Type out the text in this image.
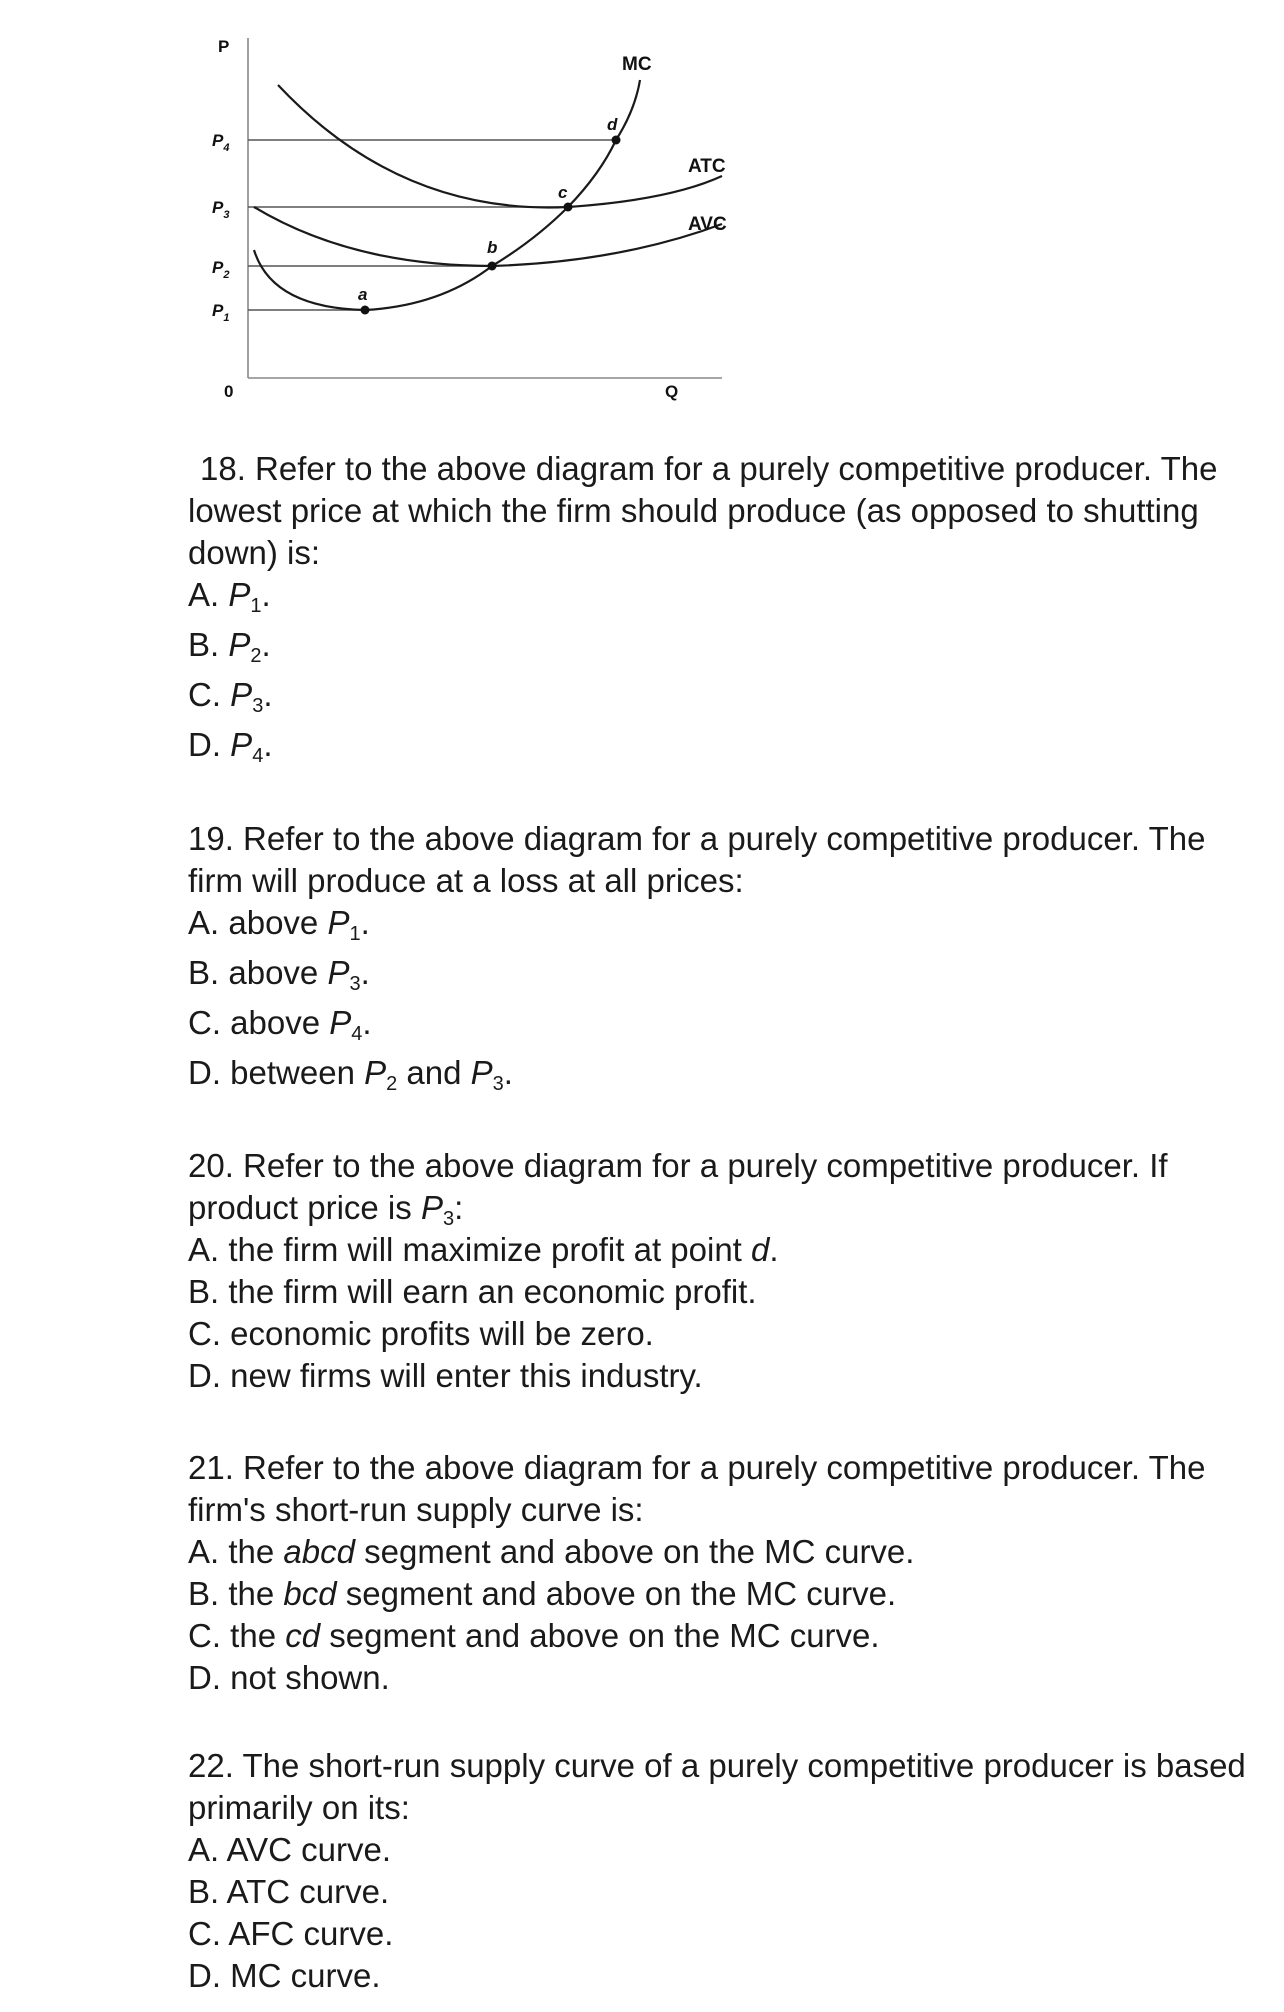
a
b
c
d
P
Q
0
$P_4$
$P_3$
$P_2$
$P_1$
MC
ATC
AVC

18. Refer to the above diagram for a purely competitive producer. The lowest price at which the firm should produce (as opposed to shutting down) is:

A. $P_1$.

B. $P_2$.

C. $P_3$.

D. $P_4$.

19. Refer to the above diagram for a purely competitive producer. The firm will produce at a loss at all prices:

A. above $P_1$.

B. above $P_3$.

C. above $P_4$.

D. between $P_2$ and $P_3$.

20. Refer to the above diagram for a purely competitive producer. If product price is $P_3$:

A. the firm will maximize profit at point d.

B. the firm will earn an economic profit.

C. economic profits will be zero.

D. new firms will enter this industry.

21. Refer to the above diagram for a purely competitive producer. The firm's short-run supply curve is:

A. the abcd segment and above on the MC curve.

B. the bcd segment and above on the MC curve.

C. the cd segment and above on the MC curve.

D. not shown.

22. The short-run supply curve of a purely competitive producer is based primarily on its:

A. AVC curve.

B. ATC curve.

C. AFC curve.

D. MC curve.
